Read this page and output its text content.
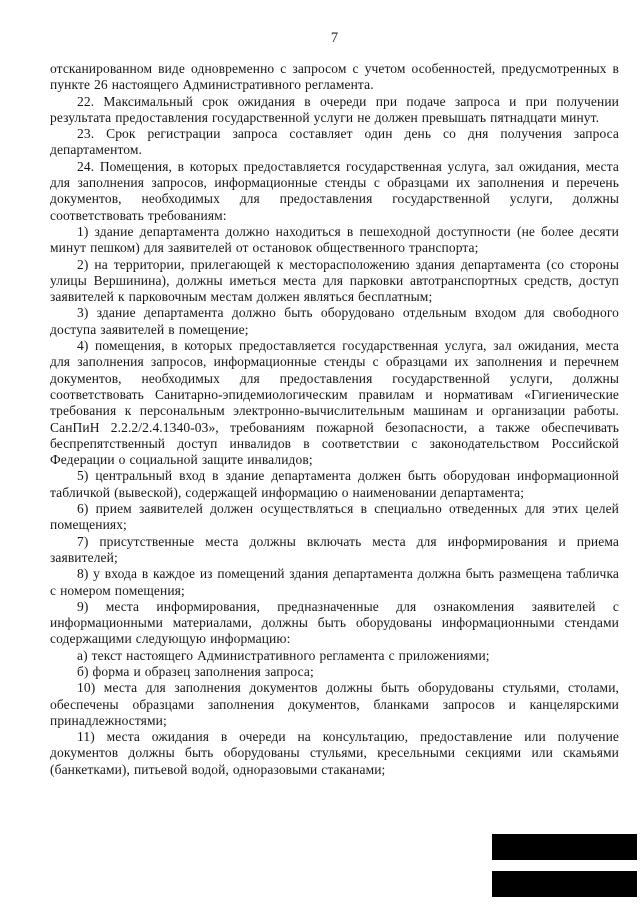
7

отсканированном виде одновременно с запросом с учетом особенностей, предусмотренных в пункте 26 настоящего Административного регламента.

22. Максимальный срок ожидания в очереди при подаче запроса и при получении результата предоставления государственной услуги не должен превышать пятнадцати минут.

23. Срок регистрации запроса составляет один день со дня получения запроса департаментом.

24. Помещения, в которых предоставляется государственная услуга, зал ожидания, места для заполнения запросов, информационные стенды с образцами их заполнения и перечень документов, необходимых для предоставления государственной услуги, должны соответствовать требованиям:

1) здание департамента должно находиться в пешеходной доступности (не более десяти минут пешком) для заявителей от остановок общественного транспорта;

2) на территории, прилегающей к месторасположению здания департамента (со стороны улицы Вершинина), должны иметься места для парковки автотранспортных средств, доступ заявителей к парковочным местам должен являться бесплатным;

3) здание департамента должно быть оборудовано отдельным входом для свободного доступа заявителей в помещение;

4) помещения, в которых предоставляется государственная услуга, зал ожидания, места для заполнения запросов, информационные стенды с образцами их заполнения и перечнем документов, необходимых для предоставления государственной услуги, должны соответствовать Санитарно-эпидемиологическим правилам и нормативам «Гигиенические требования к персональным электронно-вычислительным машинам и организации работы. СанПиН 2.2.2/2.4.1340-03», требованиям пожарной безопасности, а также обеспечивать беспрепятственный доступ инвалидов в соответствии с законодательством Российской Федерации о социальной защите инвалидов;

5) центральный вход в здание департамента должен быть оборудован информационной табличкой (вывеской), содержащей информацию о наименовании департамента;

6) прием заявителей должен осуществляться в специально отведенных для этих целей помещениях;

7) присутственные места должны включать места для информирования и приема заявителей;

8) у входа в каждое из помещений здания департамента должна быть размещена табличка с номером помещения;

9) места информирования, предназначенные для ознакомления заявителей с информационными материалами, должны быть оборудованы информационными стендами содержащими следующую информацию:

а) текст настоящего Административного регламента с приложениями;

б) форма и образец заполнения запроса;

10) места для заполнения документов должны быть оборудованы стульями, столами, обеспечены образцами заполнения документов, бланками запросов и канцелярскими принадлежностями;

11) места ожидания в очереди на консультацию, предоставление или получение документов должны быть оборудованы стульями, кресельными секциями или скамьями (банкетками), питьевой водой, одноразовыми стаканами;
